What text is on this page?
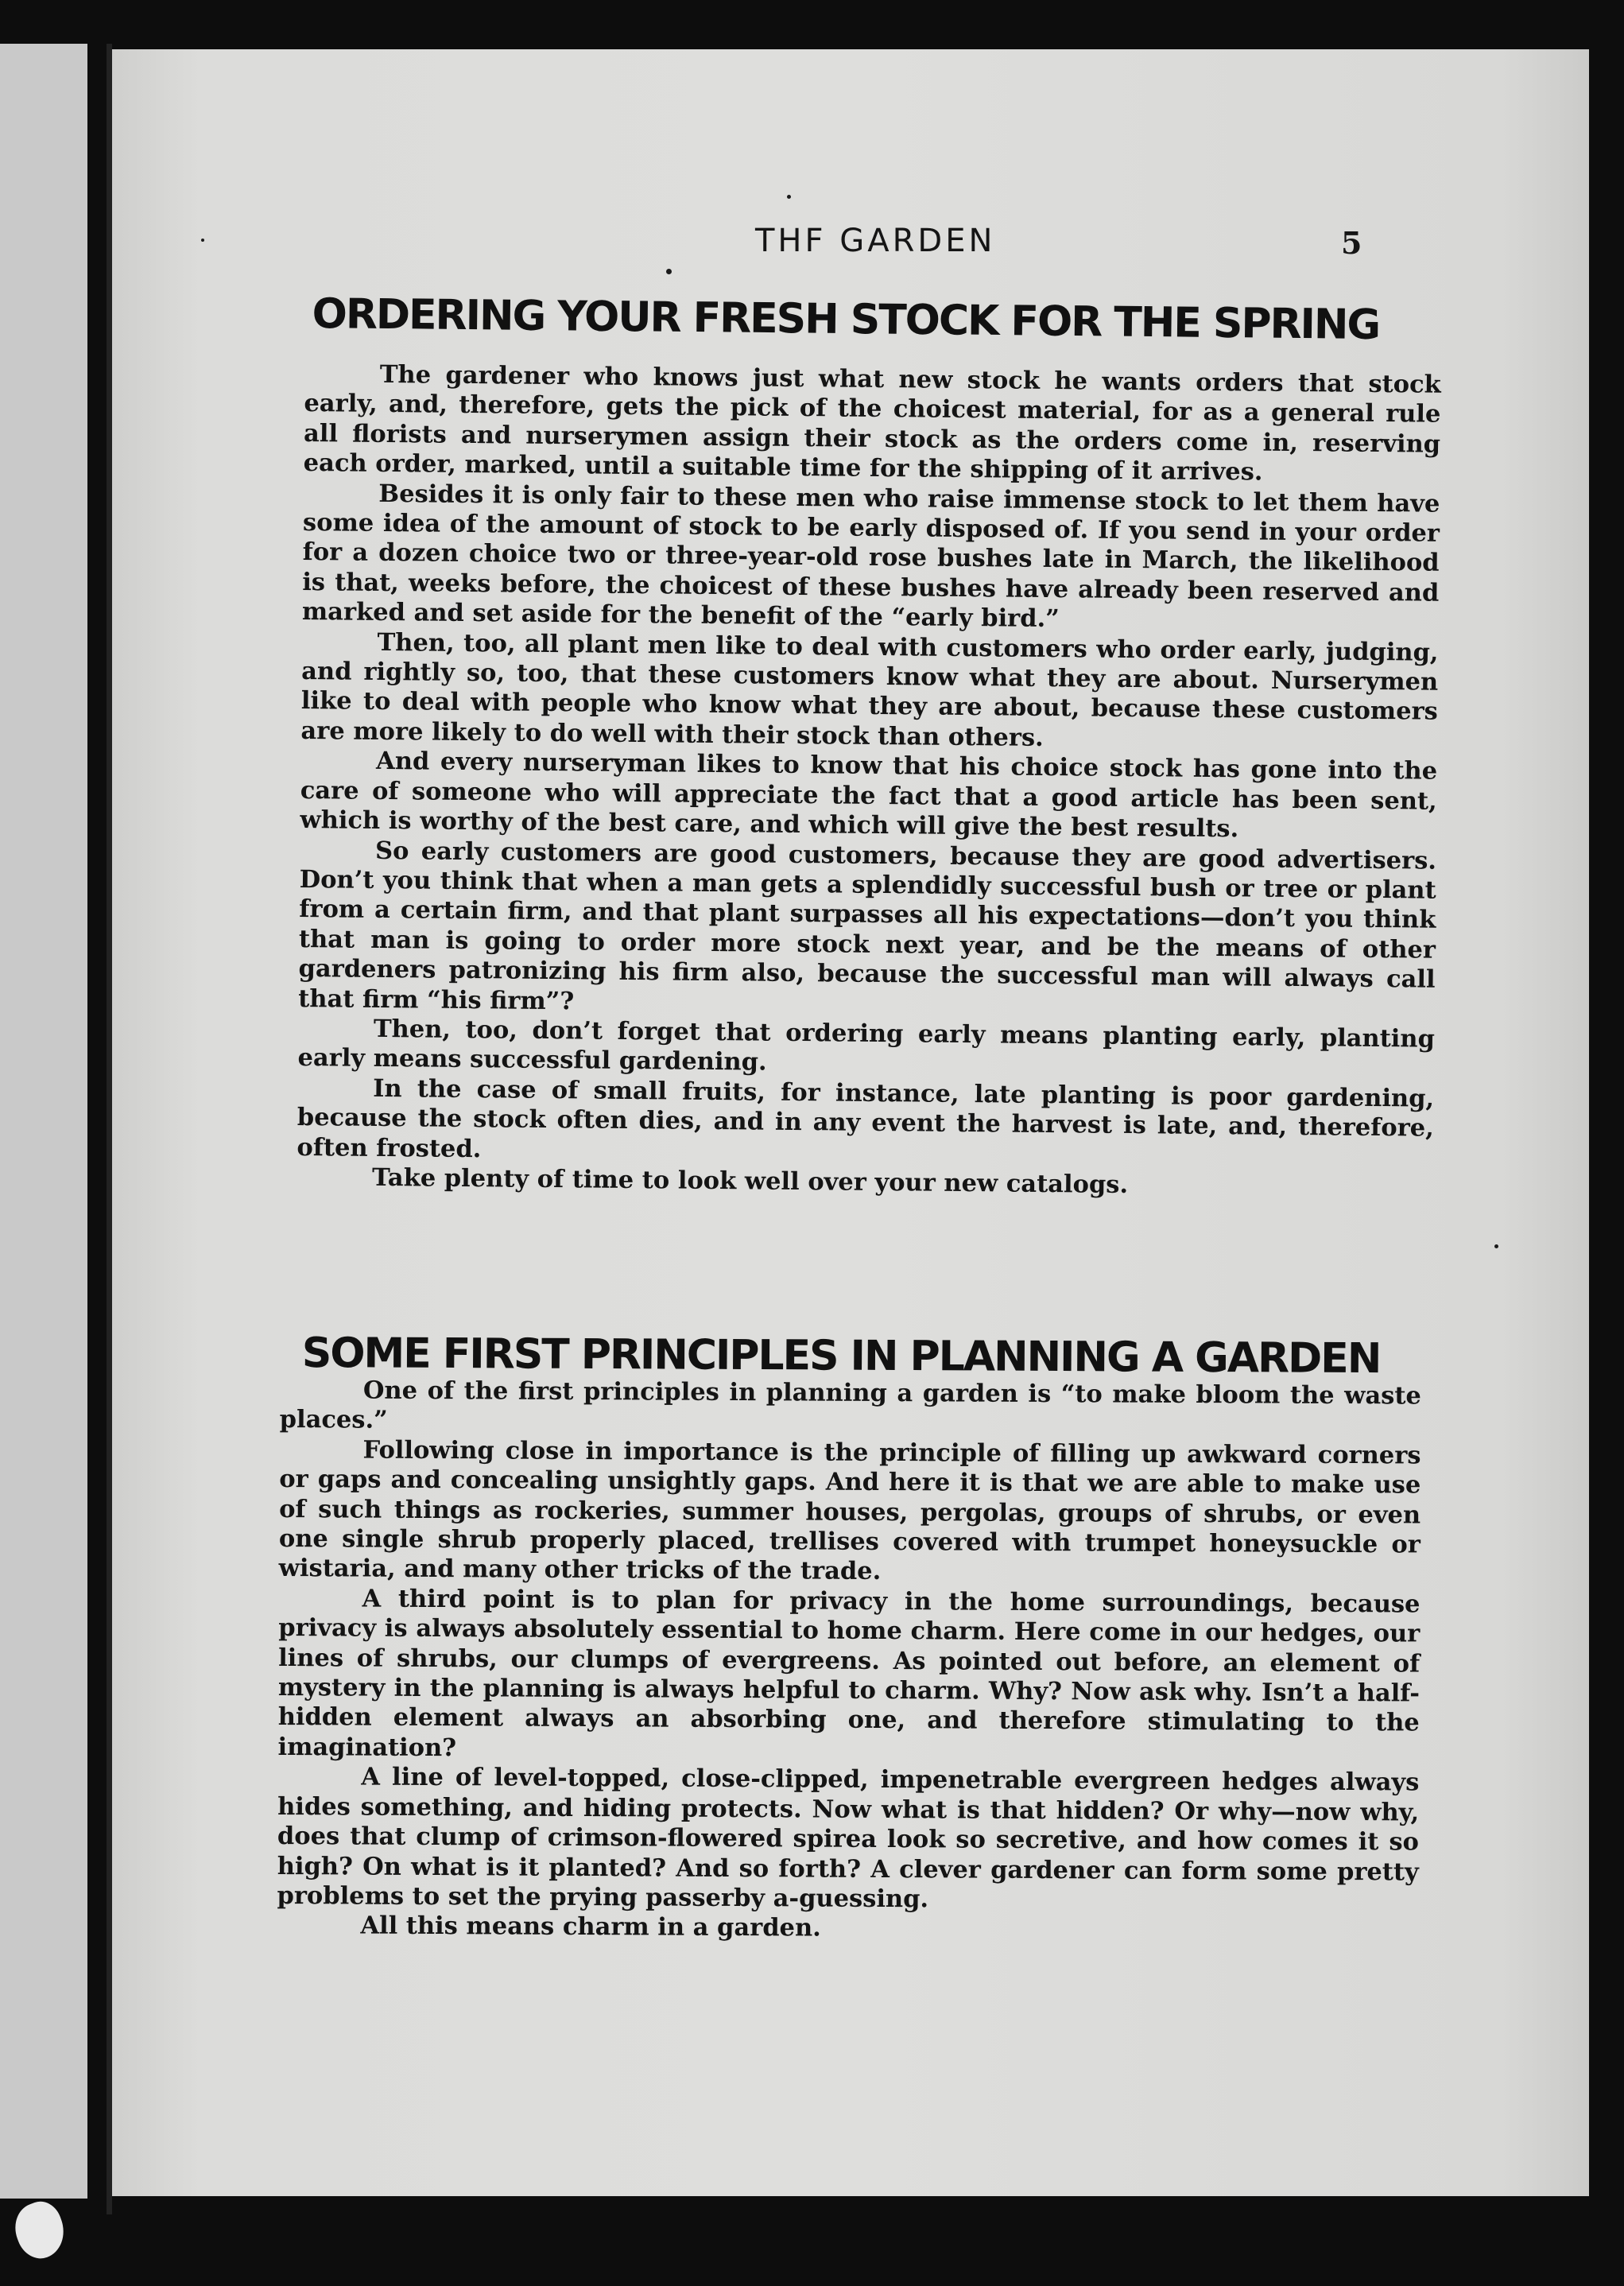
THF GARDEN	5
ORDERING YOUR FRESH STOCK FOR THE SPRING

The gardener who knows just what new stock he wants orders that stock early, and, therefore, gets the pick of the choicest material, for as a general rule all florists and nurserymen assign their stock as the orders come in, reserving each order, marked, until a suitable time for the shipping of it arrives.

Besides it is only fair to these men who raise immense stock to let them have some idea of the amount of stock to be early disposed of. If you send in your order for a dozen choice two or three-year-old rose bushes late in March, the likelihood is that, weeks before, the choicest of these bushes have already been reserved and marked and set aside for the benefit of the “early bird.”

Then, too, all plant men like to deal with customers who order early, judging, and rightly so, too, that these customers know what they are about. Nurserymen like to deal with people who know what they are about, because these customers are more likely to do well with their stock than others.

And every nurseryman likes to know that his choice stock has gone into the care of someone who will appreciate the fact that a good article has been sent, which is worthy of the best care, and which will give the best results.

So early customers are good customers, because they are good advertisers. Don’t you think that when a man gets a splendidly successful bush or tree or plant from a certain firm, and that plant surpasses all his expectations—don’t you think that man is going to order more stock next year, and be the means of other gardeners patronizing his firm also, because the successful man will always call that firm “his firm”?

Then, too, don’t forget that ordering early means planting early, planting early means successful gardening.

In the case of small fruits, for instance, late planting is poor gardening, because the stock often dies, and in any event the harvest is late, and, therefore, often frosted.

Take plenty of time to look well over your new catalogs.

SOME FIRST PRINCIPLES IN PLANNING A GARDEN

One of the first principles in planning a garden is “to make bloom the waste places.”

Following close in importance is the principle of filling up awkward corners or gaps and concealing unsightly gaps. And here it is that we are able to make use of such things as rockeries, summer houses, pergolas, groups of shrubs, or even one single shrub properly placed, trellises covered with trumpet honeysuckle or wistaria, and many other tricks of the trade.

A third point is to plan for privacy in the home surroundings, because privacy is always absolutely essential to home charm. Here come in our hedges, our lines of shrubs, our clumps of evergreens. As pointed out before, an element of mystery in the planning is always helpful to charm. Why? Now ask why. Isn’t a half-hidden element always an absorbing one, and therefore stimulating to the imagination?

A line of level-topped, close-clipped, impenetrable evergreen hedges always hides something, and hiding protects. Now what is that hidden? Or why—now why, does that clump of crimson-flowered spirea look so secretive, and how comes it so high? On what is it planted? And so forth? A clever gardener can form some pretty problems to set the prying passerby a-guessing.

All this means charm in a garden.
